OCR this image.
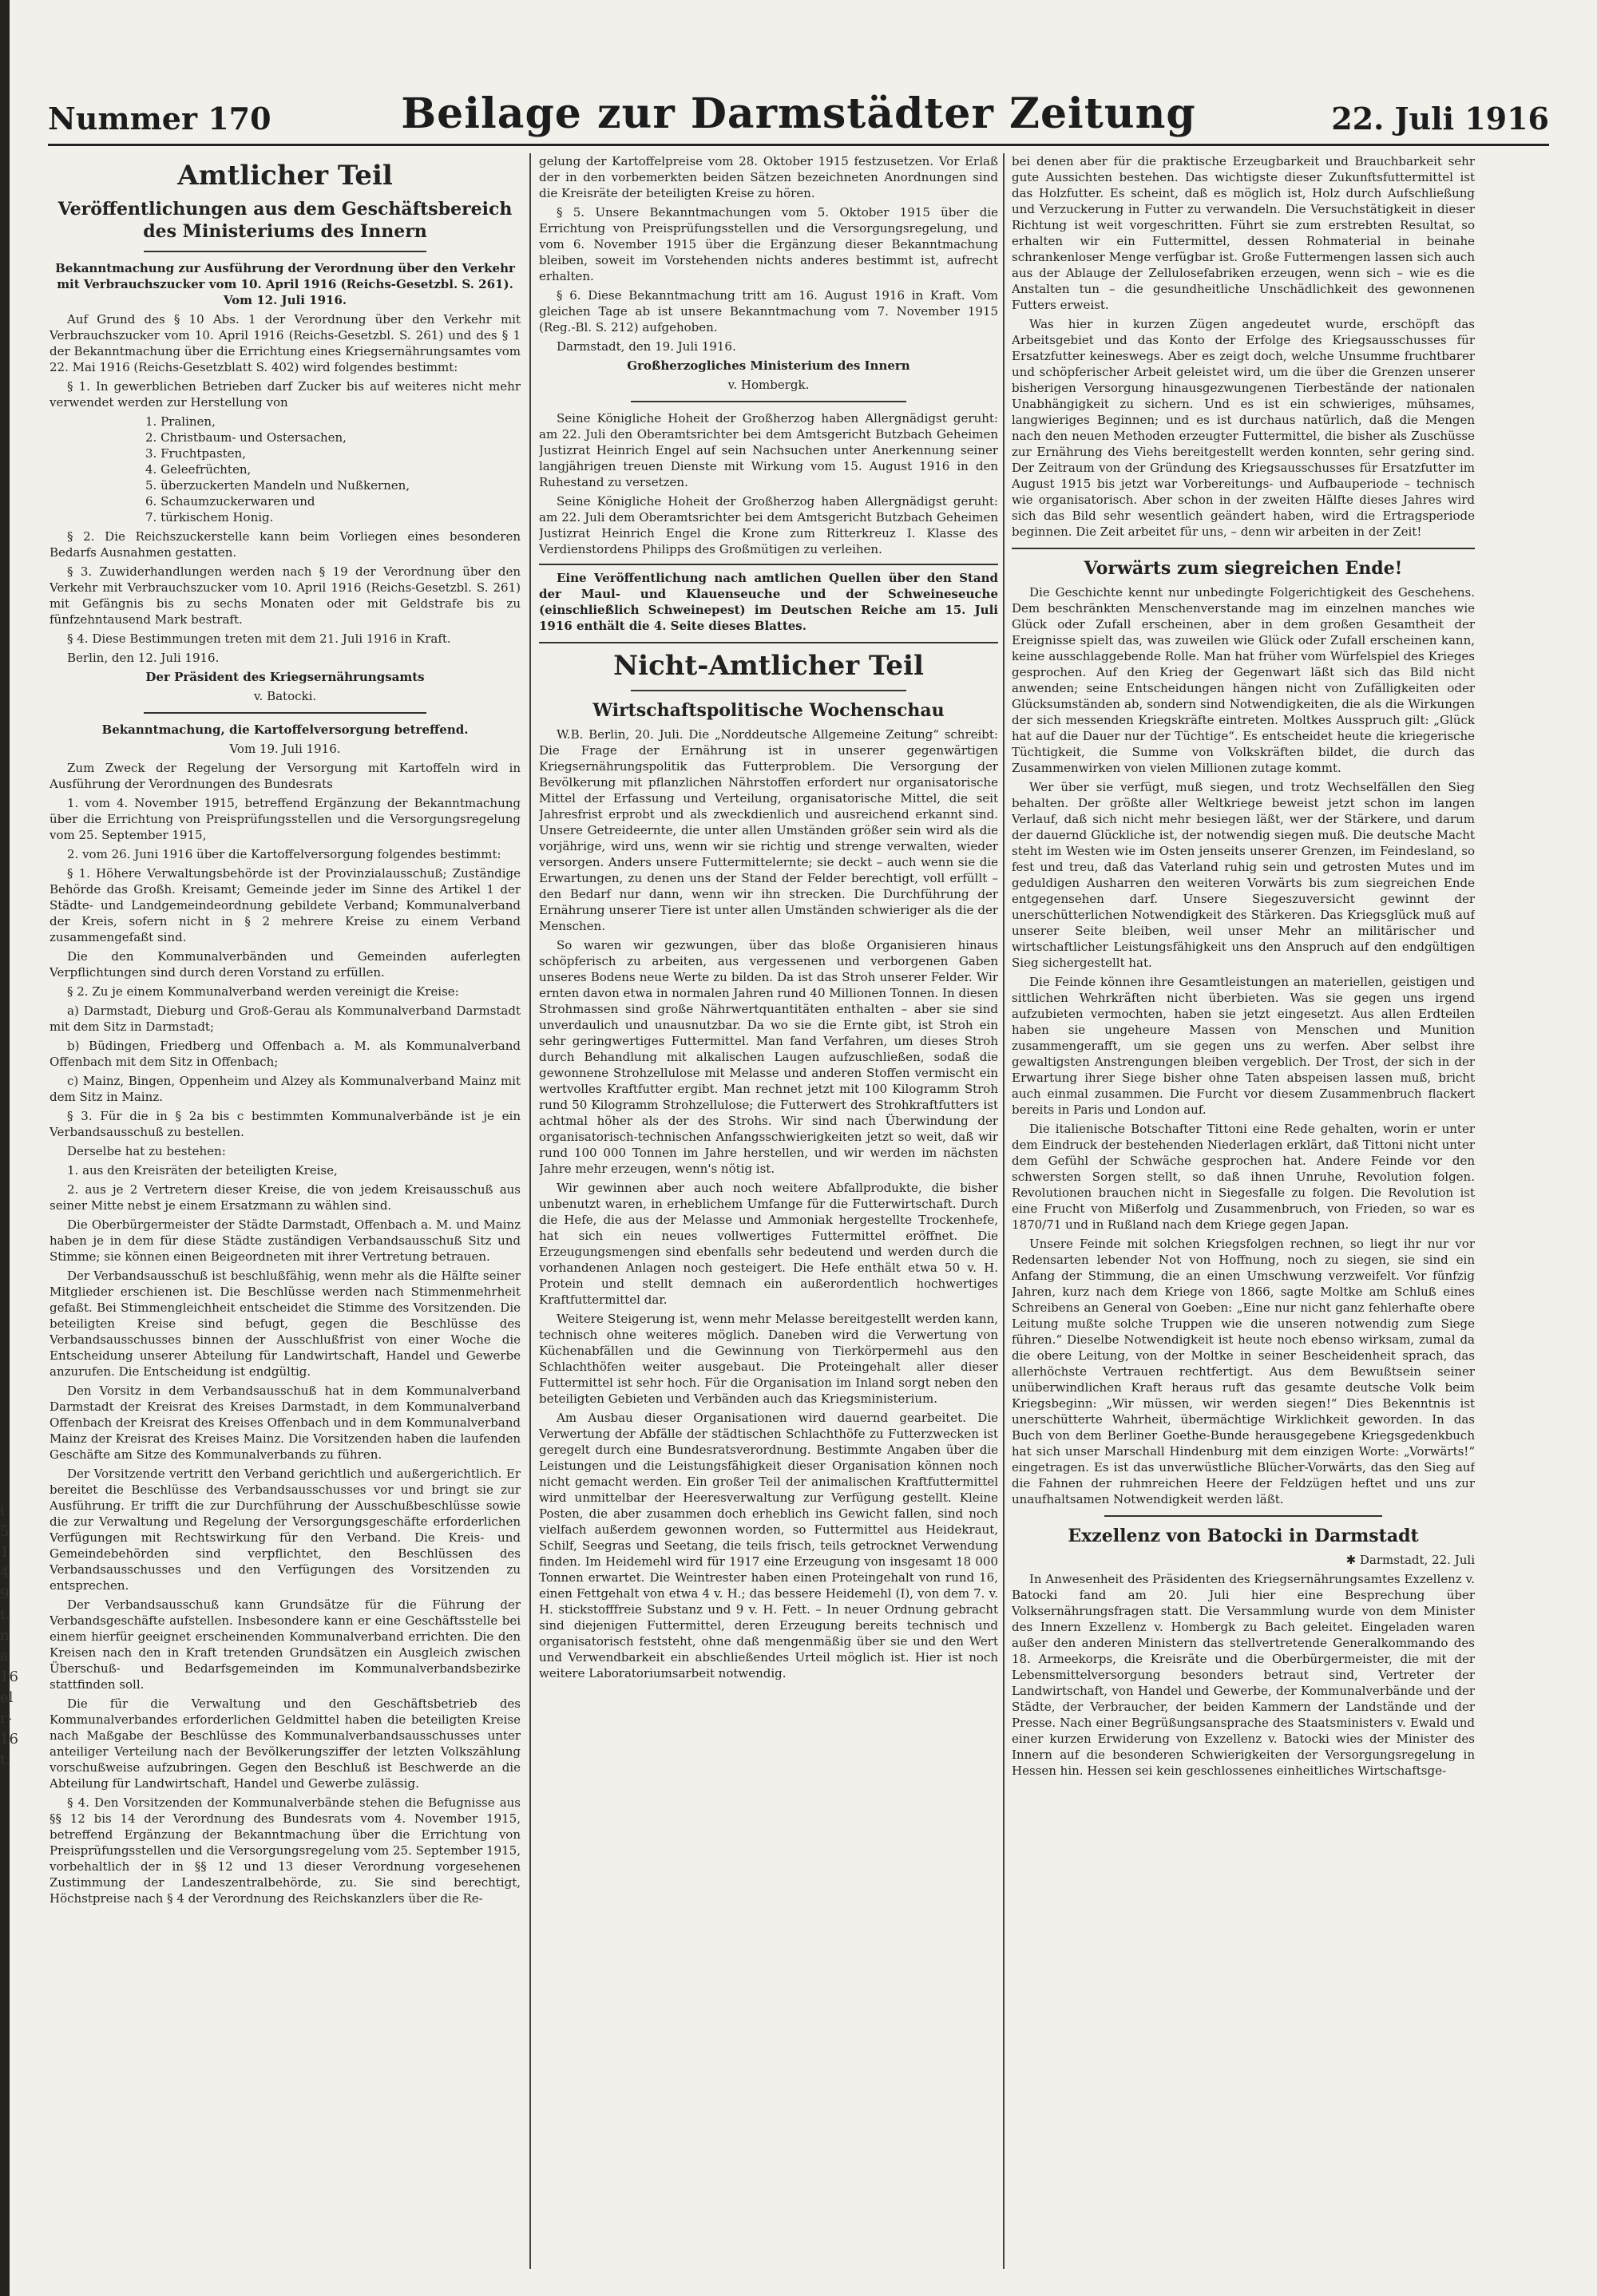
Nummer 170	Beilage zur Darmstädter Zeitung	22. Juli 1916
Amtlicher Teil
Veröffentlichungen aus dem Geschäftsbereich des Ministeriums des Innern

Bekanntmachung zur Ausführung der Verordnung über den Verkehr mit Verbrauchszucker vom 10. April 1916 (Reichs-Gesetzbl. S. 261). Vom 12. Juli 1916.

Auf Grund des § 10 Abs. 1 der Verordnung über den Verkehr mit Verbrauchszucker vom 10. April 1916 (Reichs-Gesetzbl. S. 261) und des § 1 der Bekanntmachung über die Errichtung eines Kriegsernährungsamtes vom 22. Mai 1916 (Reichs-Gesetzblatt S. 402) wird folgendes bestimmt:

§ 1. In gewerblichen Betrieben darf Zucker bis auf weiteres nicht mehr verwendet werden zur Herstellung von

1. Pralinen,
2. Christbaum- und Ostersachen,
3. Fruchtpasten,
4. Geleefrüchten,
5. überzuckerten Mandeln und Nußkernen,
6. Schaumzuckerwaren und
7. türkischem Honig.

§ 2. Die Reichszuckerstelle kann beim Vorliegen eines besonderen Bedarfs Ausnahmen gestatten.

§ 3. Zuwiderhandlungen werden nach § 19 der Verordnung über den Verkehr mit Verbrauchszucker vom 10. April 1916 (Reichs-Gesetzbl. S. 261) mit Gefängnis bis zu sechs Monaten oder mit Geldstrafe bis zu fünfzehntausend Mark bestraft.

§ 4. Diese Bestimmungen treten mit dem 21. Juli 1916 in Kraft.

Berlin, den 12. Juli 1916.

Der Präsident des Kriegsernährungsamts

v. Batocki.

Bekanntmachung, die Kartoffelversorgung betreffend.

Vom 19. Juli 1916.

Zum Zweck der Regelung der Versorgung mit Kartoffeln wird in Ausführung der Verordnungen des Bundesrats

1. vom 4. November 1915, betreffend Ergänzung der Bekanntmachung über die Errichtung von Preisprüfungsstellen und die Versorgungsregelung vom 25. September 1915,

2. vom 26. Juni 1916 über die Kartoffelversorgung folgendes bestimmt:

§ 1. Höhere Verwaltungsbehörde ist der Provinzialausschuß; Zuständige Behörde das Großh. Kreisamt; Gemeinde jeder im Sinne des Artikel 1 der Städte- und Landgemeindeordnung gebildete Verband; Kommunalverband der Kreis, sofern nicht in § 2 mehrere Kreise zu einem Verband zusammengefaßt sind.

Die den Kommunalverbänden und Gemeinden auferlegten Verpflichtungen sind durch deren Vorstand zu erfüllen.

§ 2. Zu je einem Kommunalverband werden vereinigt die Kreise:

a) Darmstadt, Dieburg und Groß-Gerau als Kommunalverband Darmstadt mit dem Sitz in Darmstadt;

b) Büdingen, Friedberg und Offenbach a. M. als Kommunalverband Offenbach mit dem Sitz in Offenbach;

c) Mainz, Bingen, Oppenheim und Alzey als Kommunalverband Mainz mit dem Sitz in Mainz.

§ 3. Für die in § 2a bis c bestimmten Kommunalverbände ist je ein Verbandsausschuß zu bestellen.

Derselbe hat zu bestehen:

1. aus den Kreisräten der beteiligten Kreise,

2. aus je 2 Vertretern dieser Kreise, die von jedem Kreisausschuß aus seiner Mitte nebst je einem Ersatzmann zu wählen sind.

Die Oberbürgermeister der Städte Darmstadt, Offenbach a. M. und Mainz haben je in dem für diese Städte zuständigen Verbandsausschuß Sitz und Stimme; sie können einen Beigeordneten mit ihrer Vertretung betrauen.

Der Verbandsausschuß ist beschlußfähig, wenn mehr als die Hälfte seiner Mitglieder erschienen ist. Die Beschlüsse werden nach Stimmenmehrheit gefaßt. Bei Stimmengleichheit entscheidet die Stimme des Vorsitzenden. Die beteiligten Kreise sind befugt, gegen die Beschlüsse des Verbandsausschusses binnen der Ausschlußfrist von einer Woche die Entscheidung unserer Abteilung für Landwirtschaft, Handel und Gewerbe anzurufen. Die Entscheidung ist endgültig.

Den Vorsitz in dem Verbandsausschuß hat in dem Kommunalverband Darmstadt der Kreisrat des Kreises Darmstadt, in dem Kommunalverband Offenbach der Kreisrat des Kreises Offenbach und in dem Kommunalverband Mainz der Kreisrat des Kreises Mainz. Die Vorsitzenden haben die laufenden Geschäfte am Sitze des Kommunalverbands zu führen.

Der Vorsitzende vertritt den Verband gerichtlich und außergerichtlich. Er bereitet die Beschlüsse des Verbandsausschusses vor und bringt sie zur Ausführung. Er trifft die zur Durchführung der Ausschußbeschlüsse sowie die zur Verwaltung und Regelung der Versorgungsgeschäfte erforderlichen Verfügungen mit Rechtswirkung für den Verband. Die Kreis- und Gemeindebehörden sind verpflichtet, den Beschlüssen des Verbandsausschusses und den Verfügungen des Vorsitzenden zu entsprechen.

Der Verbandsausschuß kann Grundsätze für die Führung der Verbandsgeschäfte aufstellen. Insbesondere kann er eine Geschäftsstelle bei einem hierfür geeignet erscheinenden Kommunalverband errichten. Die den Kreisen nach den in Kraft tretenden Grundsätzen ein Ausgleich zwischen Überschuß- und Bedarfsgemeinden im Kommunalverbandsbezirke stattfinden soll.

Die für die Verwaltung und den Geschäftsbetrieb des Kommunalverbandes erforderlichen Geldmittel haben die beteiligten Kreise nach Maßgabe der Beschlüsse des Kommunalverbandsausschusses unter anteiliger Verteilung nach der Bevölkerungsziffer der letzten Volkszählung vorschußweise aufzubringen. Gegen den Beschluß ist Beschwerde an die Abteilung für Landwirtschaft, Handel und Gewerbe zulässig.

§ 4. Den Vorsitzenden der Kommunalverbände stehen die Befugnisse aus §§ 12 bis 14 der Verordnung des Bundesrats vom 4. November 1915, betreffend Ergänzung der Bekanntmachung über die Errichtung von Preisprüfungsstellen und die Versorgungsregelung vom 25. September 1915, vorbehaltlich der in §§ 12 und 13 dieser Verordnung vorgesehenen Zustimmung der Landeszentralbehörde, zu. Sie sind berechtigt, Höchstpreise nach § 4 der Verordnung des Reichskanzlers über die Re-

gelung der Kartoffelpreise vom 28. Oktober 1915 festzusetzen. Vor Erlaß der in den vorbemerkten beiden Sätzen bezeichneten Anordnungen sind die Kreisräte der beteiligten Kreise zu hören.

§ 5. Unsere Bekanntmachungen vom 5. Oktober 1915 über die Errichtung von Preisprüfungsstellen und die Versorgungsregelung, und vom 6. November 1915 über die Ergänzung dieser Bekanntmachung bleiben, soweit im Vorstehenden nichts anderes bestimmt ist, aufrecht erhalten.

§ 6. Diese Bekanntmachung tritt am 16. August 1916 in Kraft. Vom gleichen Tage ab ist unsere Bekanntmachung vom 7. November 1915 (Reg.-Bl. S. 212) aufgehoben.

Darmstadt, den 19. Juli 1916.

Großherzogliches Ministerium des Innern

v. Hombergk.

Seine Königliche Hoheit der Großherzog haben Allergnädigst geruht: am 22. Juli den Oberamtsrichter bei dem Amtsgericht Butzbach Geheimen Justizrat Heinrich Engel auf sein Nachsuchen unter Anerkennung seiner langjährigen treuen Dienste mit Wirkung vom 15. August 1916 in den Ruhestand zu versetzen.

Seine Königliche Hoheit der Großherzog haben Allergnädigst geruht: am 22. Juli dem Oberamtsrichter bei dem Amtsgericht Butzbach Geheimen Justizrat Heinrich Engel die Krone zum Ritterkreuz I. Klasse des Verdienstordens Philipps des Großmütigen zu verleihen.

Eine Veröffentlichung nach amtlichen Quellen über den Stand der Maul- und Klauenseuche und der Schweineseuche (einschließlich Schweinepest) im Deutschen Reiche am 15. Juli 1916 enthält die 4. Seite dieses Blattes.

Nicht-Amtlicher Teil
Wirtschaftspolitische Wochenschau

W.B. Berlin, 20. Juli. Die „Norddeutsche Allgemeine Zeitung“ schreibt: Die Frage der Ernährung ist in unserer gegenwärtigen Kriegsernährungspolitik das Futterproblem. Die Versorgung der Bevölkerung mit pflanzlichen Nährstoffen erfordert nur organisatorische Mittel der Erfassung und Verteilung, organisatorische Mittel, die seit Jahresfrist erprobt und als zweckdienlich und ausreichend erkannt sind. Unsere Getreideernte, die unter allen Umständen größer sein wird als die vorjährige, wird uns, wenn wir sie richtig und strenge verwalten, wieder versorgen. Anders unsere Futtermittelernte; sie deckt – auch wenn sie die Erwartungen, zu denen uns der Stand der Felder berechtigt, voll erfüllt – den Bedarf nur dann, wenn wir ihn strecken. Die Durchführung der Ernährung unserer Tiere ist unter allen Umständen schwieriger als die der Menschen.

So waren wir gezwungen, über das bloße Organisieren hinaus schöpferisch zu arbeiten, aus vergessenen und verborgenen Gaben unseres Bodens neue Werte zu bilden. Da ist das Stroh unserer Felder. Wir ernten davon etwa in normalen Jahren rund 40 Millionen Tonnen. In diesen Strohmassen sind große Nährwertquantitäten enthalten – aber sie sind unverdaulich und unausnutzbar. Da wo sie die Ernte gibt, ist Stroh ein sehr geringwertiges Futtermittel. Man fand Verfahren, um dieses Stroh durch Behandlung mit alkalischen Laugen aufzuschließen, sodaß die gewonnene Strohzellulose mit Melasse und anderen Stoffen vermischt ein wertvolles Kraftfutter ergibt. Man rechnet jetzt mit 100 Kilogramm Stroh rund 50 Kilogramm Strohzellulose; die Futterwert des Strohkraftfutters ist achtmal höher als der des Strohs. Wir sind nach Überwindung der organisatorisch-technischen Anfangsschwierigkeiten jetzt so weit, daß wir rund 100 000 Tonnen im Jahre herstellen, und wir werden im nächsten Jahre mehr erzeugen, wenn's nötig ist.

Wir gewinnen aber auch noch weitere Abfallprodukte, die bisher unbenutzt waren, in erheblichem Umfange für die Futterwirtschaft. Durch die Hefe, die aus der Melasse und Ammoniak hergestellte Trockenhefe, hat sich ein neues vollwertiges Futtermittel eröffnet. Die Erzeugungsmengen sind ebenfalls sehr bedeutend und werden durch die vorhandenen Anlagen noch gesteigert. Die Hefe enthält etwa 50 v. H. Protein und stellt demnach ein außerordentlich hochwertiges Kraftfuttermittel dar.

Weitere Steigerung ist, wenn mehr Melasse bereitgestellt werden kann, technisch ohne weiteres möglich. Daneben wird die Verwertung von Küchenabfällen und die Gewinnung von Tierkörpermehl aus den Schlachthöfen weiter ausgebaut. Die Proteingehalt aller dieser Futtermittel ist sehr hoch. Für die Organisation im Inland sorgt neben den beteiligten Gebieten und Verbänden auch das Kriegsministerium.

Am Ausbau dieser Organisationen wird dauernd gearbeitet. Die Verwertung der Abfälle der städtischen Schlachthöfe zu Futterzwecken ist geregelt durch eine Bundesratsverordnung. Bestimmte Angaben über die Leistungen und die Leistungsfähigkeit dieser Organisation können noch nicht gemacht werden. Ein großer Teil der animalischen Kraftfuttermittel wird unmittelbar der Heeresverwaltung zur Verfügung gestellt. Kleine Posten, die aber zusammen doch erheblich ins Gewicht fallen, sind noch vielfach außerdem gewonnen worden, so Futtermittel aus Heidekraut, Schilf, Seegras und Seetang, die teils frisch, teils getrocknet Verwendung finden. Im Heidemehl wird für 1917 eine Erzeugung von insgesamt 18 000 Tonnen erwartet. Die Weintrester haben einen Proteingehalt von rund 16, einen Fettgehalt von etwa 4 v. H.; das bessere Heidemehl (I), von dem 7. v. H. stickstofffreie Substanz und 9 v. H. Fett. – In neuer Ordnung gebracht sind diejenigen Futtermittel, deren Erzeugung bereits technisch und organisatorisch feststeht, ohne daß mengenmäßig über sie und den Wert und Verwendbarkeit ein abschließendes Urteil möglich ist. Hier ist noch weitere Laboratoriumsarbeit notwendig.

bei denen aber für die praktische Erzeugbarkeit und Brauchbarkeit sehr gute Aussichten bestehen. Das wichtigste dieser Zukunftsfuttermittel ist das Holzfutter. Es scheint, daß es möglich ist, Holz durch Aufschließung und Verzuckerung in Futter zu verwandeln. Die Versuchstätigkeit in dieser Richtung ist weit vorgeschritten. Führt sie zum erstrebten Resultat, so erhalten wir ein Futtermittel, dessen Rohmaterial in beinahe schrankenloser Menge verfügbar ist. Große Futtermengen lassen sich auch aus der Ablauge der Zellulosefabriken erzeugen, wenn sich – wie es die Anstalten tun – die gesundheitliche Unschädlichkeit des gewonnenen Futters erweist.

Was hier in kurzen Zügen angedeutet wurde, erschöpft das Arbeitsgebiet und das Konto der Erfolge des Kriegsausschusses für Ersatzfutter keineswegs. Aber es zeigt doch, welche Unsumme fruchtbarer und schöpferischer Arbeit geleistet wird, um die über die Grenzen unserer bisherigen Versorgung hinausgezwungenen Tierbestände der nationalen Unabhängigkeit zu sichern. Und es ist ein schwieriges, mühsames, langwieriges Beginnen; und es ist durchaus natürlich, daß die Mengen nach den neuen Methoden erzeugter Futtermittel, die bisher als Zuschüsse zur Ernährung des Viehs bereitgestellt werden konnten, sehr gering sind. Der Zeitraum von der Gründung des Kriegsausschusses für Ersatzfutter im August 1915 bis jetzt war Vorbereitungs- und Aufbauperiode – technisch wie organisatorisch. Aber schon in der zweiten Hälfte dieses Jahres wird sich das Bild sehr wesentlich geändert haben, wird die Ertragsperiode beginnen. Die Zeit arbeitet für uns, – denn wir arbeiten in der Zeit!

Vorwärts zum siegreichen Ende!

Die Geschichte kennt nur unbedingte Folgerichtigkeit des Geschehens. Dem beschränkten Menschenverstande mag im einzelnen manches wie Glück oder Zufall erscheinen, aber in dem großen Gesamtheit der Ereignisse spielt das, was zuweilen wie Glück oder Zufall erscheinen kann, keine ausschlaggebende Rolle. Man hat früher vom Würfelspiel des Krieges gesprochen. Auf den Krieg der Gegenwart läßt sich das Bild nicht anwenden; seine Entscheidungen hängen nicht von Zufälligkeiten oder Glücksumständen ab, sondern sind Notwendigkeiten, die als die Wirkungen der sich messenden Kriegskräfte eintreten. Moltkes Ausspruch gilt: „Glück hat auf die Dauer nur der Tüchtige“. Es entscheidet heute die kriegerische Tüchtigkeit, die Summe von Volkskräften bildet, die durch das Zusammenwirken von vielen Millionen zutage kommt.

Wer über sie verfügt, muß siegen, und trotz Wechselfällen den Sieg behalten. Der größte aller Weltkriege beweist jetzt schon im langen Verlauf, daß sich nicht mehr besiegen läßt, wer der Stärkere, und darum der dauernd Glückliche ist, der notwendig siegen muß. Die deutsche Macht steht im Westen wie im Osten jenseits unserer Grenzen, im Feindesland, so fest und treu, daß das Vaterland ruhig sein und getrosten Mutes und im geduldigen Ausharren den weiteren Vorwärts bis zum siegreichen Ende entgegensehen darf. Unsere Siegeszuversicht gewinnt der unerschütterlichen Notwendigkeit des Stärkeren. Das Kriegsglück muß auf unserer Seite bleiben, weil unser Mehr an militärischer und wirtschaftlicher Leistungsfähigkeit uns den Anspruch auf den endgültigen Sieg sichergestellt hat.

Die Feinde können ihre Gesamtleistungen an materiellen, geistigen und sittlichen Wehrkräften nicht überbieten. Was sie gegen uns irgend aufzubieten vermochten, haben sie jetzt eingesetzt. Aus allen Erdteilen haben sie ungeheure Massen von Menschen und Munition zusammengerafft, um sie gegen uns zu werfen. Aber selbst ihre gewaltigsten Anstrengungen bleiben vergeblich. Der Trost, der sich in der Erwartung ihrer Siege bisher ohne Taten abspeisen lassen muß, bricht auch einmal zusammen. Die Furcht vor diesem Zusammenbruch flackert bereits in Paris und London auf.

Die italienische Botschafter Tittoni eine Rede gehalten, worin er unter dem Eindruck der bestehenden Niederlagen erklärt, daß Tittoni nicht unter dem Gefühl der Schwäche gesprochen hat. Andere Feinde vor den schwersten Sorgen stellt, so daß ihnen Unruhe, Revolution folgen. Revolutionen brauchen nicht in Siegesfalle zu folgen. Die Revolution ist eine Frucht von Mißerfolg und Zusammenbruch, von Frieden, so war es 1870/71 und in Rußland nach dem Kriege gegen Japan.

Unsere Feinde mit solchen Kriegsfolgen rechnen, so liegt ihr nur vor Redensarten lebender Not von Hoffnung, noch zu siegen, sie sind ein Anfang der Stimmung, die an einen Umschwung verzweifelt. Vor fünfzig Jahren, kurz nach dem Kriege von 1866, sagte Moltke am Schluß eines Schreibens an General von Goeben: „Eine nur nicht ganz fehlerhafte obere Leitung mußte solche Truppen wie die unseren notwendig zum Siege führen.“ Dieselbe Notwendigkeit ist heute noch ebenso wirksam, zumal da die obere Leitung, von der Moltke in seiner Bescheidenheit sprach, das allerhöchste Vertrauen rechtfertigt. Aus dem Bewußtsein seiner unüberwindlichen Kraft heraus ruft das gesamte deutsche Volk beim Kriegsbeginn: „Wir müssen, wir werden siegen!“ Dies Bekenntnis ist unerschütterte Wahrheit, übermächtige Wirklichkeit geworden. In das Buch von dem Berliner Goethe-Bunde herausgegebene Kriegsgedenkbuch hat sich unser Marschall Hindenburg mit dem einzigen Worte: „Vorwärts!“ eingetragen. Es ist das unverwüstliche Blücher-Vorwärts, das den Sieg auf die Fahnen der ruhmreichen Heere der Feldzügen heftet und uns zur unaufhaltsamen Notwendigkeit werden läßt.

Exzellenz von Batocki in Darmstadt

✱ Darmstadt, 22. Juli

In Anwesenheit des Präsidenten des Kriegsernährungsamtes Exzellenz v. Batocki fand am 20. Juli hier eine Besprechung über Volksernährungsfragen statt. Die Versammlung wurde von dem Minister des Innern Exzellenz v. Hombergk zu Bach geleitet. Eingeladen waren außer den anderen Ministern das stellvertretende Generalkommando des 18. Armeekorps, die Kreisräte und die Oberbürgermeister, die mit der Lebensmittelversorgung besonders betraut sind, Vertreter der Landwirtschaft, von Handel und Gewerbe, der Kommunalverbände und der Städte, der Verbraucher, der beiden Kammern der Landstände und der Presse. Nach einer Begrüßungsansprache des Staatsministers v. Ewald und einer kurzen Erwiderung von Exzellenz v. Batocki wies der Minister des Innern auf die besonderen Schwierigkeiten der Versorgungsregelung in Hessen hin. Hessen sei kein geschlossenes einheitliches Wirtschaftsge-

i
5
1
4
9
t.
n
a
16
el
r-
16
t.
